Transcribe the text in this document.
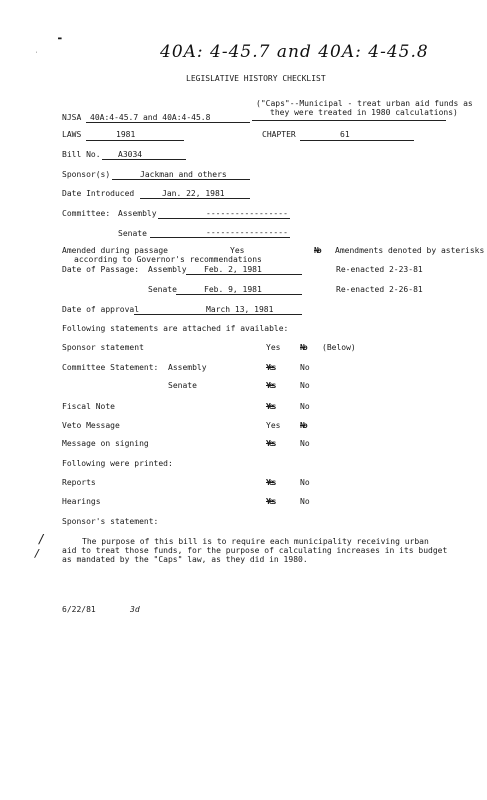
▬
·	40A: 4-45.7 and 40A: 4-45.8
LEGISLATIVE HISTORY CHECKLIST
NJSA 40A:4-45.7 and 40A:4-45.8
("Caps"--Municipal - treat urban aid funds as
they were treated in 1980 calculations)
LAWS	1981	CHAPTER	61
Bill No. A3034
Sponsor(s)	Jackman and others
Date Introduced	Jan. 22, 1981
Committee: Assembly	-----------------
Senate	-----------------
Amended during passage	Yes	No Amendments denoted by asterisks
according to Governor's recommendations
Date of Passage: Assembly Feb. 2, 1981	Re-enacted 2-23-81
Senate	Feb. 9, 1981	Re-enacted 2-26-81
Date of approval	March 13, 1981
Following statements are attached if available:
Sponsor statement	Yes No (Below)
Committee Statement: Assembly	Yes	No
Senate	Yes	No
Fiscal Note	Yes	No
Veto Message	Yes No
Message on signing	Yes	No
Following were printed:
Reports	Yes	No
Hearings	Yes	No
Sponsor's statement:
/
/
The purpose of this bill is to require each municipality receiving urban
aid to treat those funds, for the purpose of calculating increases in its budget
as mandated by the "Caps" law, as they did in 1980.
6/22/81	3d
